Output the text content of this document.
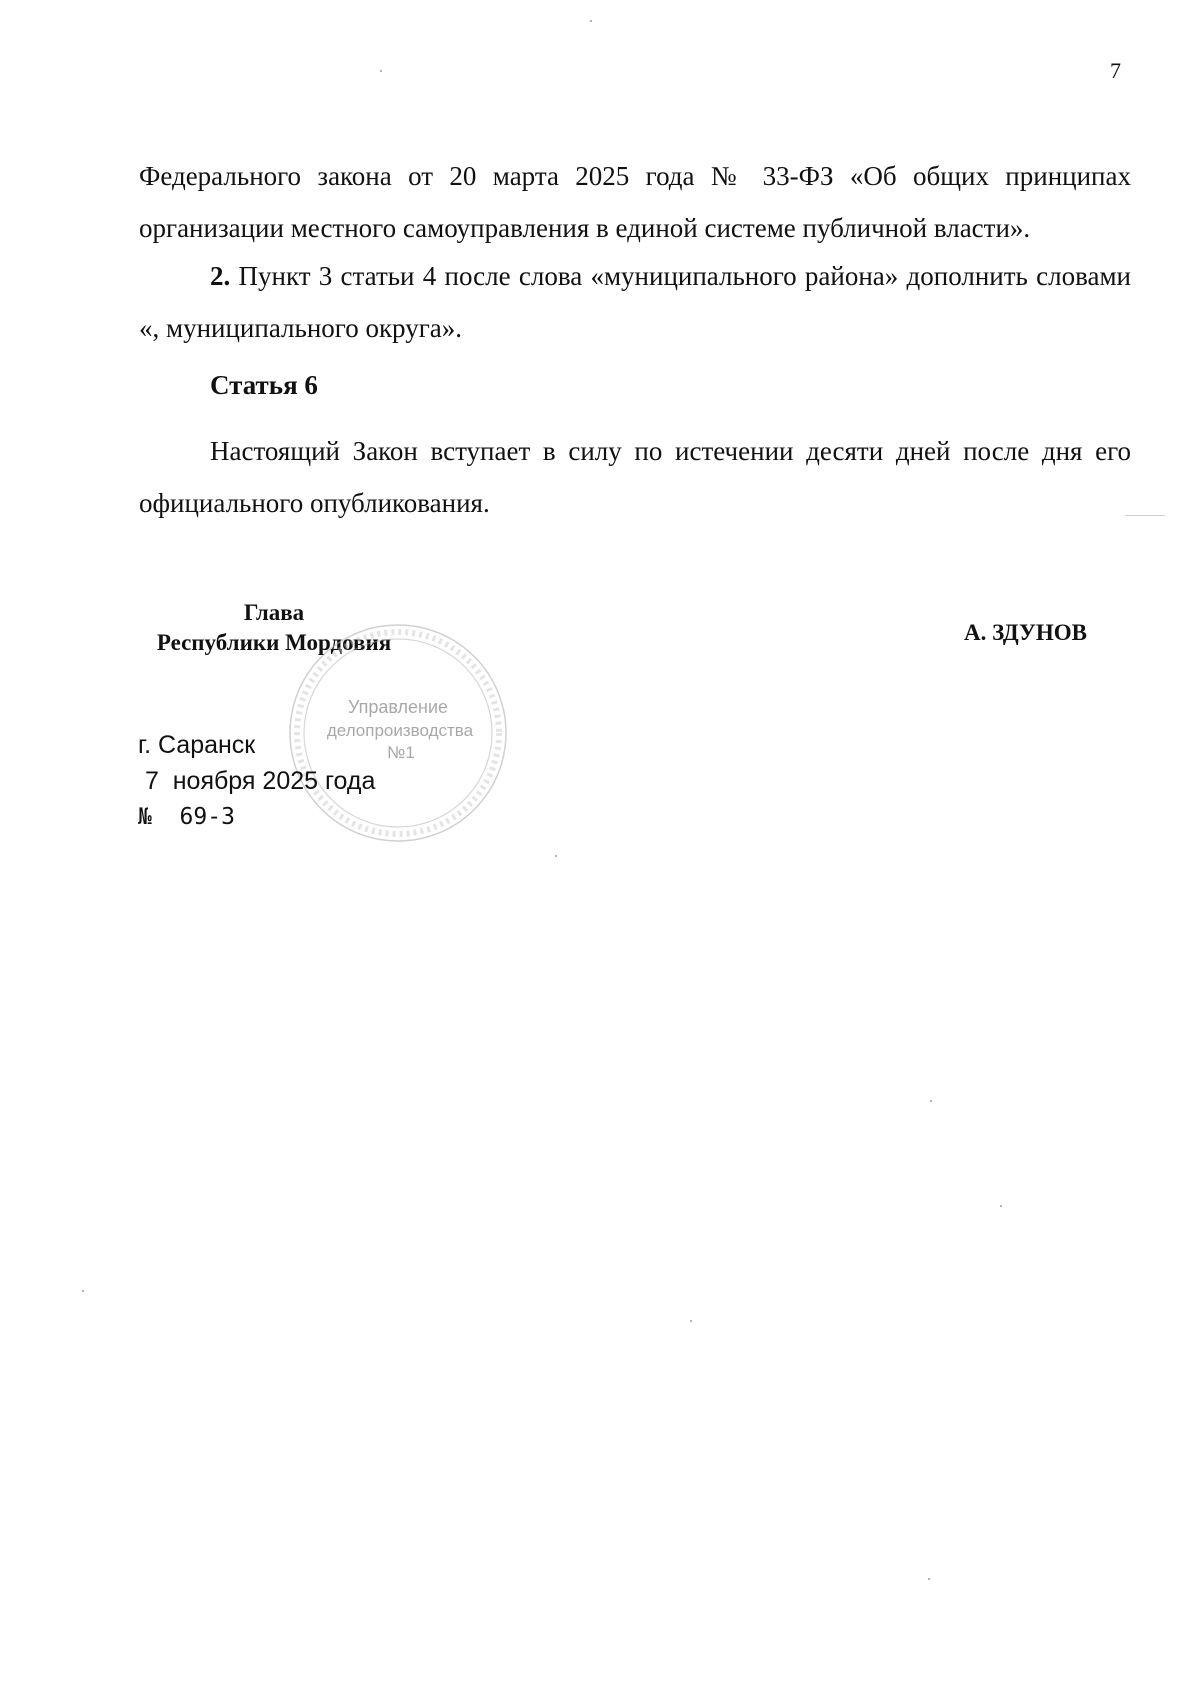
7

Федерального закона от 20 марта 2025 года № 33-ФЗ «Об общих принципах организации местного самоуправления в единой системе публичной власти».

2. Пункт 3 статьи 4 после слова «муниципального района» дополнить словами «, муниципального округа».

Статья 6

Настоящий Закон вступает в силу по истечении десяти дней после дня его официального опубликования.

Глава
Республики Мордовия	А. ЗДУНОВ
Управление
делопроизводства
№1
г. Саранск
7  ноября 2025 года
№  69-З
